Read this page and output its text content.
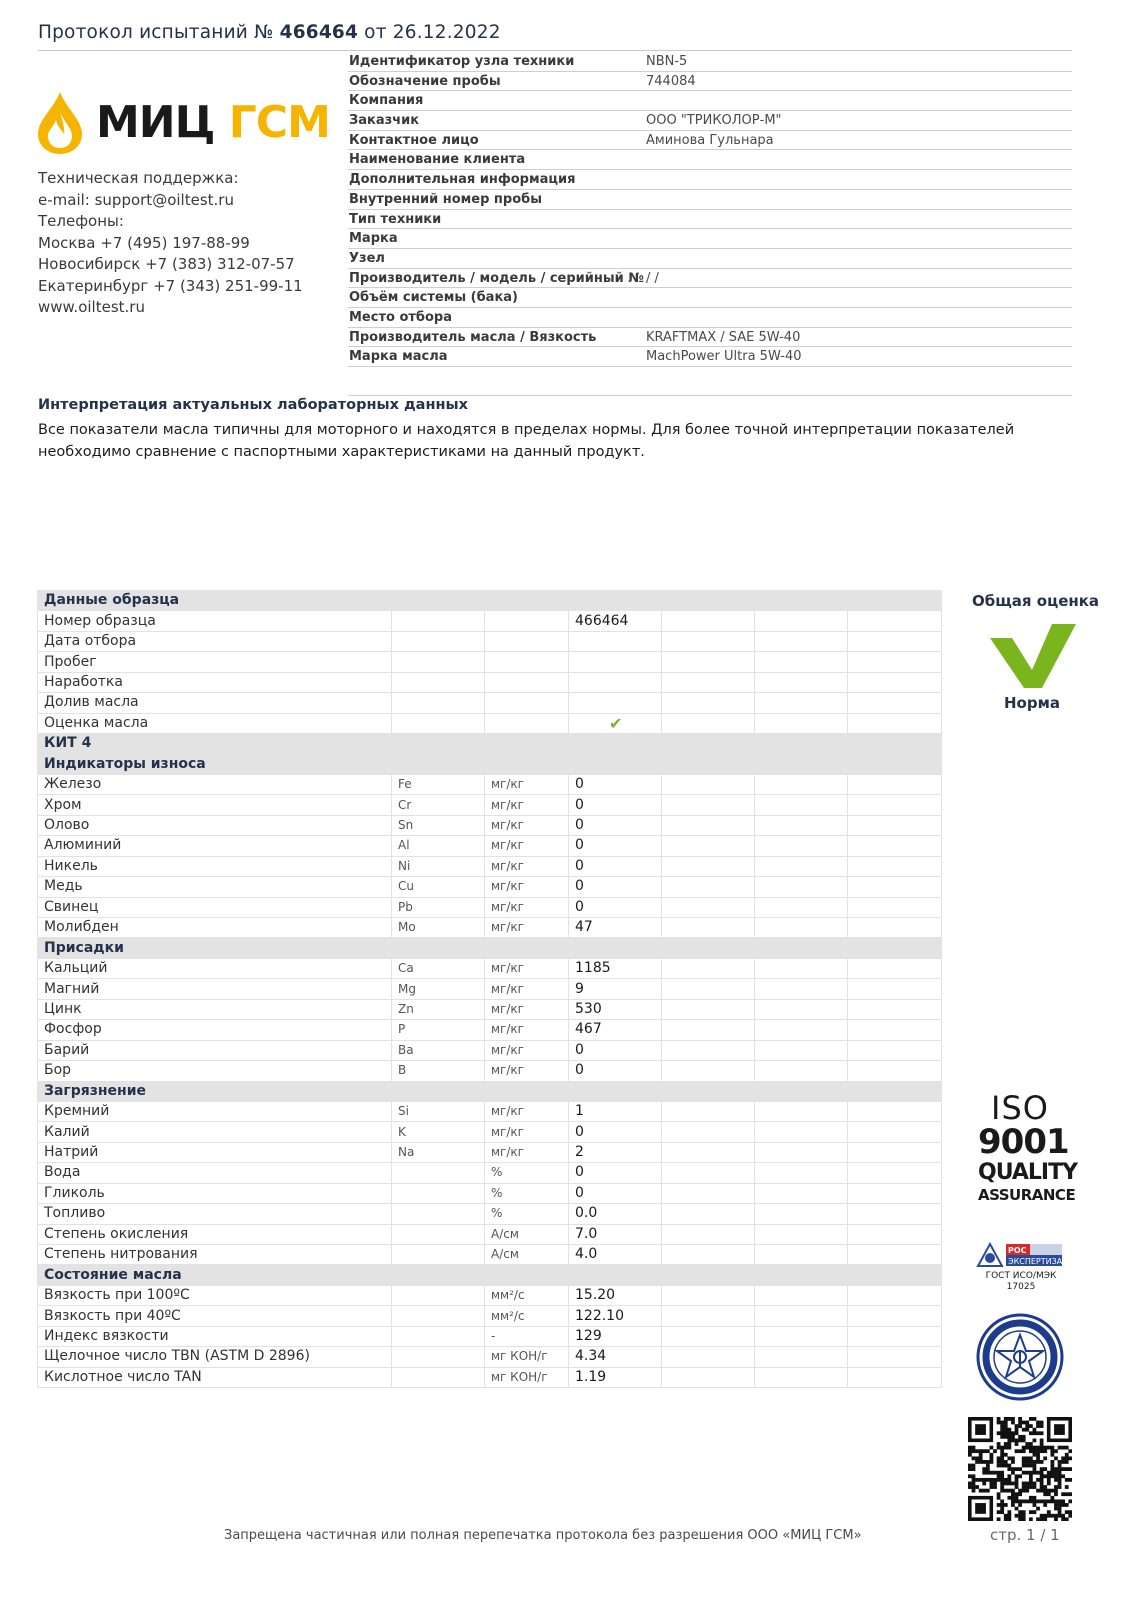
Протокол испытаний № 466464 от 26.12.2022
МИЦ ГСМ
Техническая поддержка:
e-mail: support@oiltest.ru
Телефоны:
Москва +7 (495) 197-88-99
Новосибирск +7 (383) 312-07-57
Екатеринбург +7 (343) 251-99-11
www.oiltest.ru
Идентификатор узла техники	NBN-5
Обозначение пробы	744084
Компания
Заказчик	ООО "ТРИКОЛОР-М"
Контактное лицо	Аминова Гульнара
Наименование клиента
Дополнительная информация
Внутренний номер пробы
Тип техники
Марка
Узел
Производитель / модель / серийный № / /
Объём системы (бака)
Место отбора
Производитель масла / Вязкость	KRAFTMAX / SAE 5W-40
Марка масла	MachPower Ultra 5W-40
Интерпретация актуальных лабораторных данных
Все показатели масла типичны для моторного и находятся в пределах нормы. Для более точной интерпретации показателей необходимо сравнение с паспортными характеристиками на данный продукт.
Данные образца						
Номер образца			466464			
Дата отбора						
Пробег						
Наработка						
Долив масла						
Оценка масла			✔			
КИТ 4						
Индикаторы износа						
Железо	Fe	мг/кг	0			
Хром	Cr	мг/кг	0			
Олово	Sn	мг/кг	0			
Алюминий	Al	мг/кг	0			
Никель	Ni	мг/кг	0			
Медь	Cu	мг/кг	0			
Свинец	Pb	мг/кг	0			
Молибден	Mo	мг/кг	47			
Присадки						
Кальций	Ca	мг/кг	1185			
Магний	Mg	мг/кг	9			
Цинк	Zn	мг/кг	530			
Фосфор	P	мг/кг	467			
Барий	Ba	мг/кг	0			
Бор	B	мг/кг	0			
Загрязнение						
Кремний	Si	мг/кг	1			
Калий	K	мг/кг	0			
Натрий	Na	мг/кг	2			
Вода		%	0			
Гликоль		%	0			
Топливо		%	0.0			
Степень окисления		A/см	7.0			
Степень нитрования		A/см	4.0			
Состояние масла						
Вязкость при 100ºC		мм²/с	15.20			
Вязкость при 40ºC		мм²/с	122.10			
Индекс вязкости		-	129			
Щелочное число TBN (ASTM D 2896)		мг КОН/г	4.34			
Кислотное число TAN		мг КОН/г	1.19			
Общая оценка
Норма
ISO
9001
QUALITY
ASSURANCE
РОС
ЭКСПЕРТИЗА
ГОСТ ИСО/МЭК 17025
Запрещена частичная или полная перепечатка протокола без разрешения ООО «МИЦ ГСМ»	стр. 1 / 1
